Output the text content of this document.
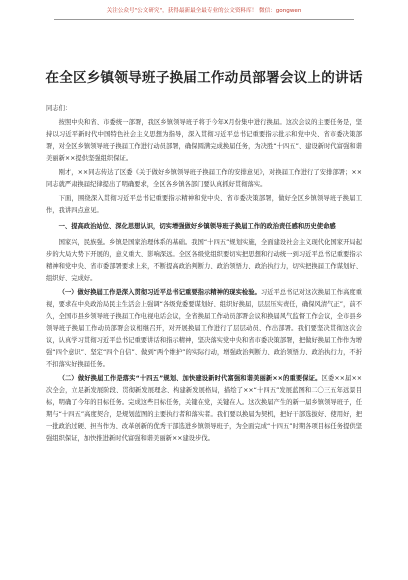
关注公众号"公文研究"，获得最新最全最专业的公文资料库！ 微信：gongwen
在全区乡镇领导班子换届工作动员部署会议上的讲话

同志们：

按照中央和省、市委统一部署，我区乡镇领导班子将于今年X月份集中进行换届。这次会议的主要任务是，坚持以习近平新时代中国特色社会主义思想为指导，深入贯彻习近平总书记重要指示批示和党中央、省市委决策部署，对全区乡镇领导班子换届工作进行动员部署，确保圆满完成换届任务，为决胜“十四五”、建设新时代富强和谐美丽新××提供坚强组织保证。

刚才，××同志传达了区委《关于做好乡镇领导班子换届工作的安排意见》，对换届工作进行了安排部署；××同志就严肃换届纪律提出了明确要求，全区各乡镇各部门要认真抓好贯彻落实。

下面，围绕深入贯彻习近平总书记重要指示精神和党中央、省市委决策部署，做好全区乡镇领导班子换届工作，我讲四点意见。

一、提高政治站位、深化思想认识，切实增强做好乡镇领导班子换届工作的政治责任感和历史使命感

国家兴，民族强。乡镇是国家治理体系的基础。我国“十四五”规划实施，全面建设社会主义现代化国家开局起步的大局大势下开展的，意义重大、影响深远。全区各级党组织要切实把思想和行动统一到习近平总书记重要指示精神和党中央、省市委部署要求上来，不断提高政治判断力、政治领悟力、政治执行力，切实把换届工作谋划好、组织好、完成好。

（一）做好换届工作是深入贯彻习近平总书记重要指示精神的现实检验。习近平总书记对这次换届工作高度重视，要求在中央政治局民主生活会上强调“各级党委要谋划好、组织好换届，层层压实责任，确保风清气正”，前不久，全国市县乡领导班子换届工作电视电话会议，全省换届工作动员部署会议和换届风气监督工作会议，全市县乡领导班子换届工作动员部署会议相继召开，对开展换届工作进行了层层动员、作出部署。我们要坚决贯彻这次会议，认真学习贯彻习近平总书记重要讲话和指示精神，坚决落实党中央和省市委决策部署，把做好换届工作作为增强“四个意识”、坚定“四个自信”、做到“两个维护”的实际行动，增强政治判断力、政治领悟力、政治执行力，不折不扣落实好换届任务。

（二）做好换届工作是落实“十四五”规划、加快建设新时代富强和谐美丽新××的重要保证。区委××届××次全会，立足新发展阶段、贯彻新发展理念、构建新发展格局，描绘了××“十四五”发展蓝图和二〇三五年远景目标，明确了今年的目标任务。完成这些目标任务，关键在党，关键在人。这次换届产生的新一届乡镇领导班子，任期与“十四五”高度契合，是规划蓝图的主要执行者和落实者。我们要以换届为契机，把好干部选拔好、使用好，把一批政治过硬、担当作为、改革创新的优秀干部选进乡镇领导班子，为全面完成“十四五”时期各项目标任务提供坚强组织保证，加快推进新时代富强和谐美丽新××建设步伐。
